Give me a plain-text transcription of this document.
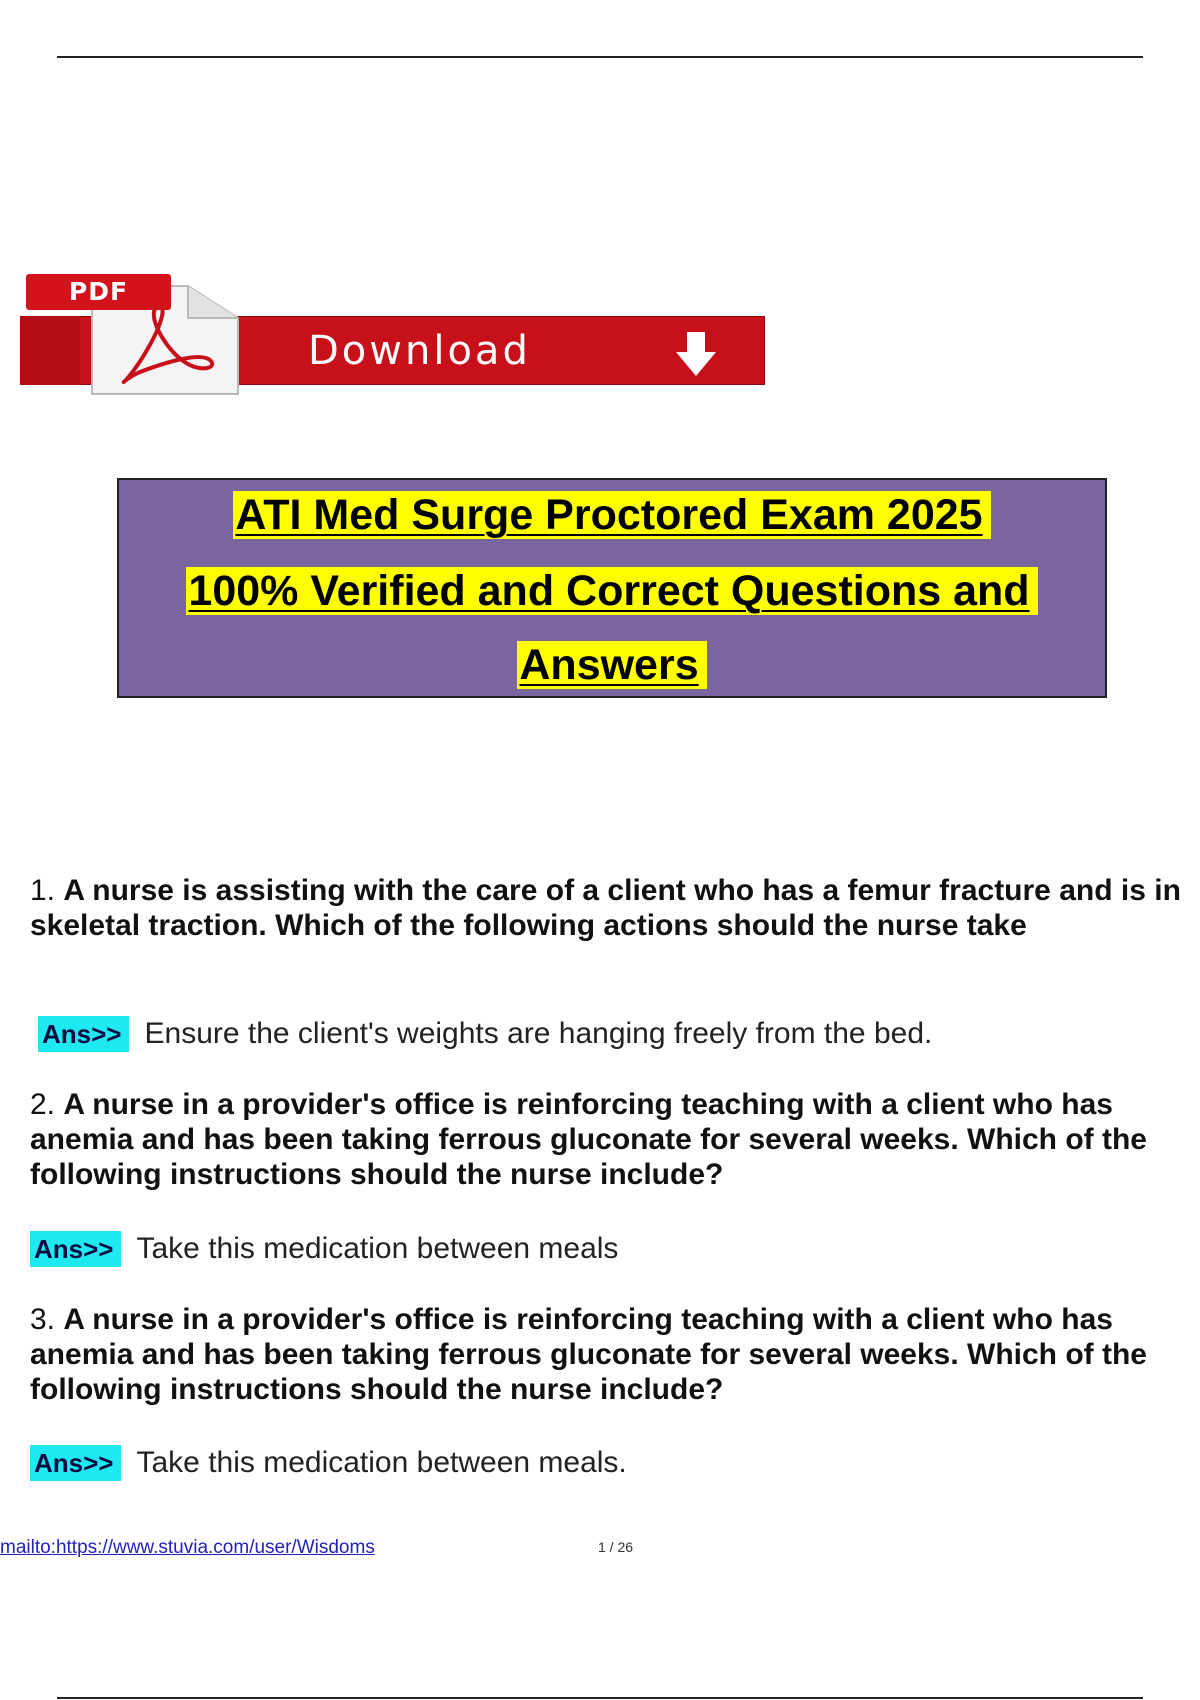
PDF
Download
ATI Med Surge Proctored Exam 2025
100% Verified and Correct Questions and
Answers

1. A nurse is assisting with the care of a client who has a femur fracture and is in skeletal traction. Which of the following actions should the nurse take

Ans>> Ensure the client's weights are hanging freely from the bed.

2. A nurse in a provider's office is reinforcing teaching with a client who has anemia and has been taking ferrous gluconate for several weeks. Which of the following instructions should the nurse include?

Ans>> Take this medication between meals

3. A nurse in a provider's office is reinforcing teaching with a client who has anemia and has been taking ferrous gluconate for several weeks. Which of the following instructions should the nurse include?

Ans>> Take this medication between meals.
mailto:https://www.stuvia.com/user/Wisdoms	1 / 26
